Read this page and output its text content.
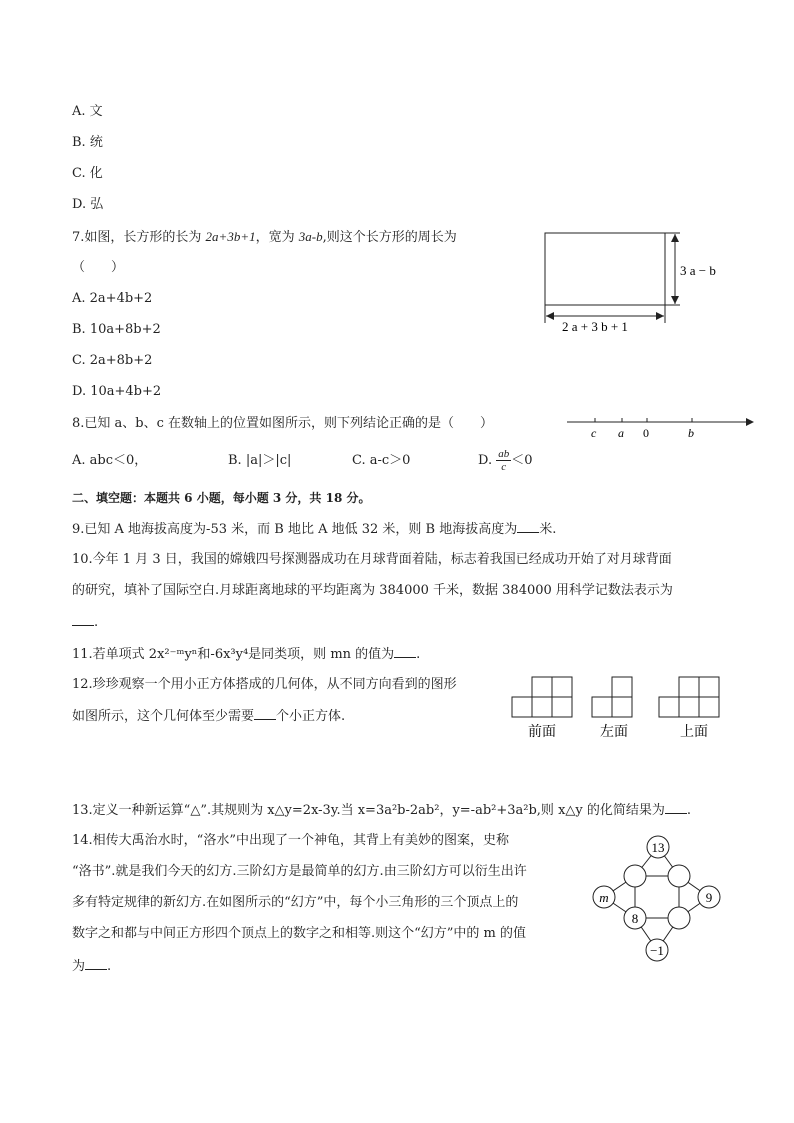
A. 文
B. 统
C. 化
D. 弘
7.如图，长方形的长为 2a+3b+1，宽为 3a-b,则这个长方形的周长为
（　　）
A. 2a+4b+2
B. 10a+8b+2
C. 2a+8b+2
D. 10a+4b+2
3 a − b
2 a + 3 b + 1
8.已知 a、b、c 在数轴上的位置如图所示，则下列结论正确的是（　　）
c a 0	b
A. abc＜0，	B. |a|＞|c|	C. a-c＞0	D. $\frac{ab}{c} <0$
二、填空题：本题共 6 小题，每小题 3 分，共 18 分。
9.已知 A 地海拔高度为-53 米，而 B 地比 A 地低 32 米，则 B 地海拔高度为 米.
10.今年 1 月 3 日，我国的嫦娥四号探测器成功在月球背面着陆，标志着我国已经成功开始了对月球背面
的研究，填补了国际空白.月球距离地球的平均距离为 384000 千米，数据 384000 用科学记数法表示为
.
11.若单项式 2x²⁻ᵐyⁿ和-6x³y⁴是同类项，则 mn 的值为 .
12.珍珍观察一个用小正方体搭成的几何体，从不同方向看到的图形
如图所示，这个几何体至少需要 个小正方体.
前面	左面	上面
13.定义一种新运算“△”.其规则为 x△y=2x-3y.当 x=3a²b-2ab²，y=-ab²+3a²b,则 x△y 的化简结果为 .
14.相传大禹治水时，“洛水”中出现了一个神龟，其背上有美妙的图案，史称
“洛书”.就是我们今天的幻方.三阶幻方是最简单的幻方.由三阶幻方可以衍生出许
多有特定规律的新幻方.在如图所示的“幻方”中，每个小三角形的三个顶点上的
数字之和都与中间正方形四个顶点上的数字之和相等.则这个“幻方”中的 m 的值
为 .
13
m	9
−1
8
